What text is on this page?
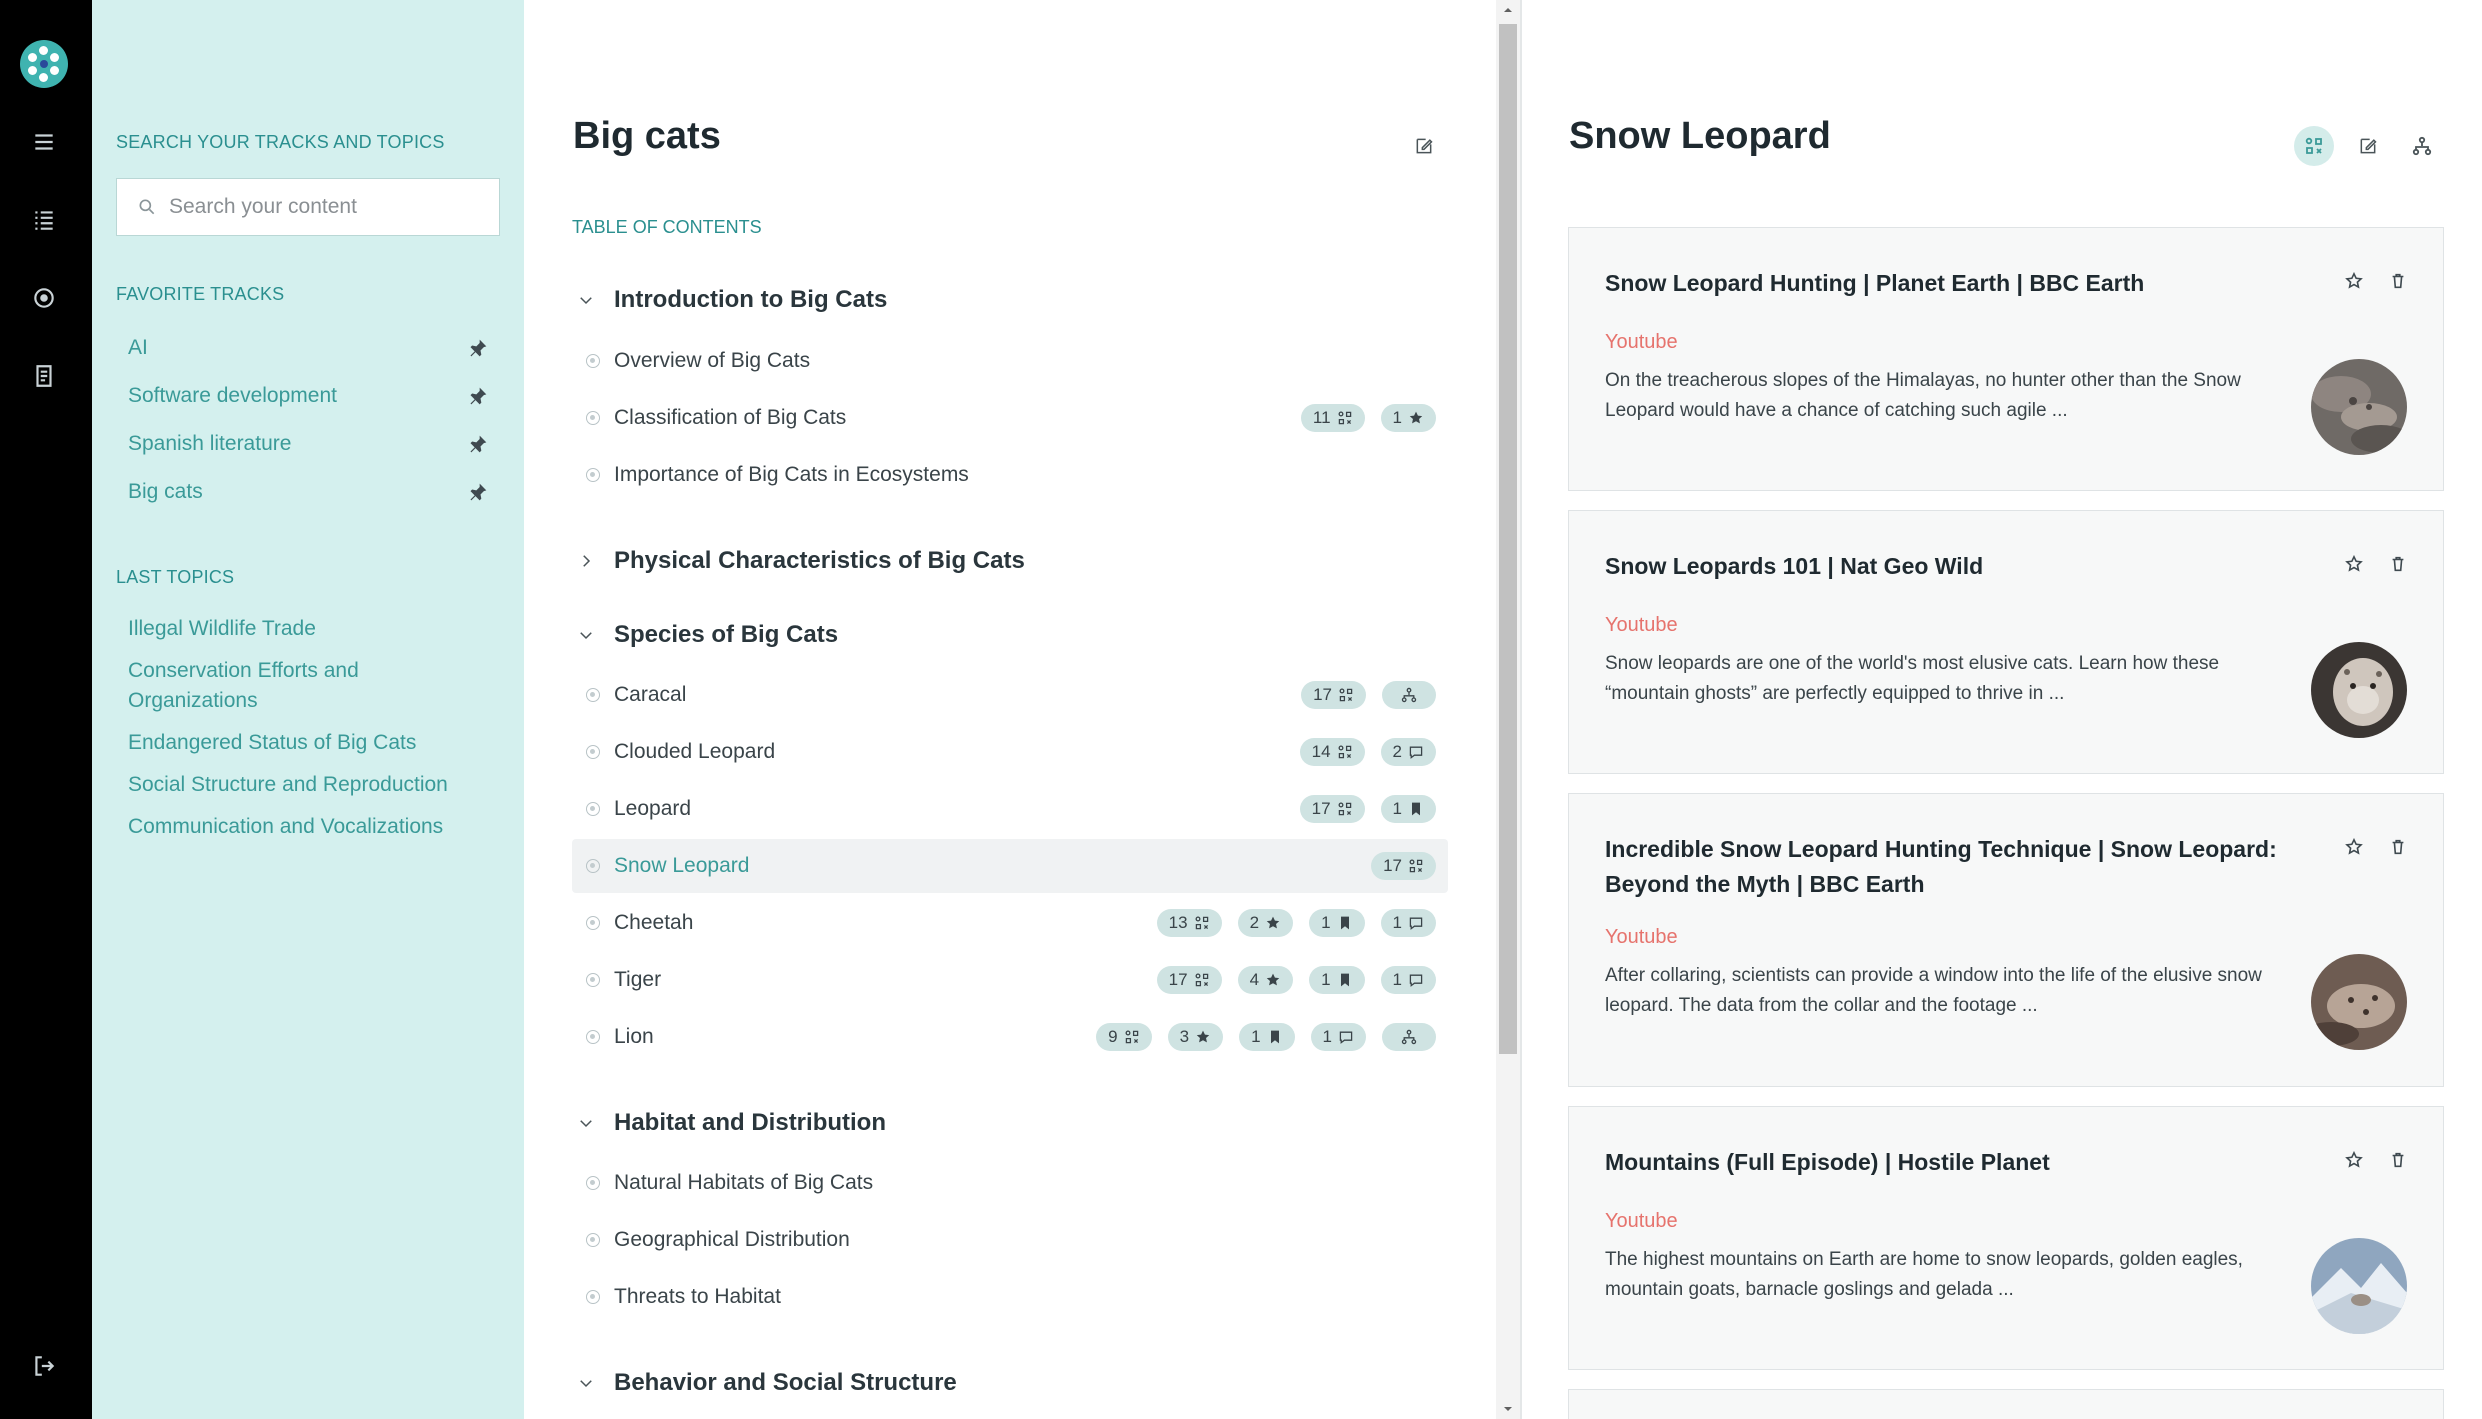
SEARCH YOUR TRACKS AND TOPICS
Search your content
FAVORITE TRACKS
AI
Software development
Spanish literature
Big cats
LAST TOPICS
Illegal Wildlife Trade
Conservation Efforts and Organizations
Endangered Status of Big Cats
Social Structure and Reproduction
Communication and Vocalizations
Big cats
TABLE OF CONTENTS
Introduction to Big Cats
Overview of Big Cats
Classification of Big Cats	11	1
Importance of Big Cats in Ecosystems
Physical Characteristics of Big Cats
Species of Big Cats
Caracal	17
Clouded Leopard	14	2
Leopard	17	1
Snow Leopard	17
Cheetah	13	2	1	1
Tiger	17	4	1	1
Lion	9	3	1	1
Habitat and Distribution
Natural Habitats of Big Cats
Geographical Distribution
Threats to Habitat
Behavior and Social Structure
Snow Leopard
Snow Leopard Hunting | Planet Earth | BBC Earth
Youtube
On the treacherous slopes of the Himalayas, no hunter other than the Snow Leopard would have a chance of catching such agile ...
Snow Leopards 101 | Nat Geo Wild
Youtube
Snow leopards are one of the world's most elusive cats. Learn how these “mountain ghosts” are perfectly equipped to thrive in ...
Incredible Snow Leopard Hunting Technique | Snow Leopard: Beyond the Myth | BBC Earth
Youtube
After collaring, scientists can provide a window into the life of the elusive snow leopard. The data from the collar and the footage ...
Mountains (Full Episode) | Hostile Planet
Youtube
The highest mountains on Earth are home to snow leopards, golden eagles, mountain goats, barnacle goslings and gelada ...
